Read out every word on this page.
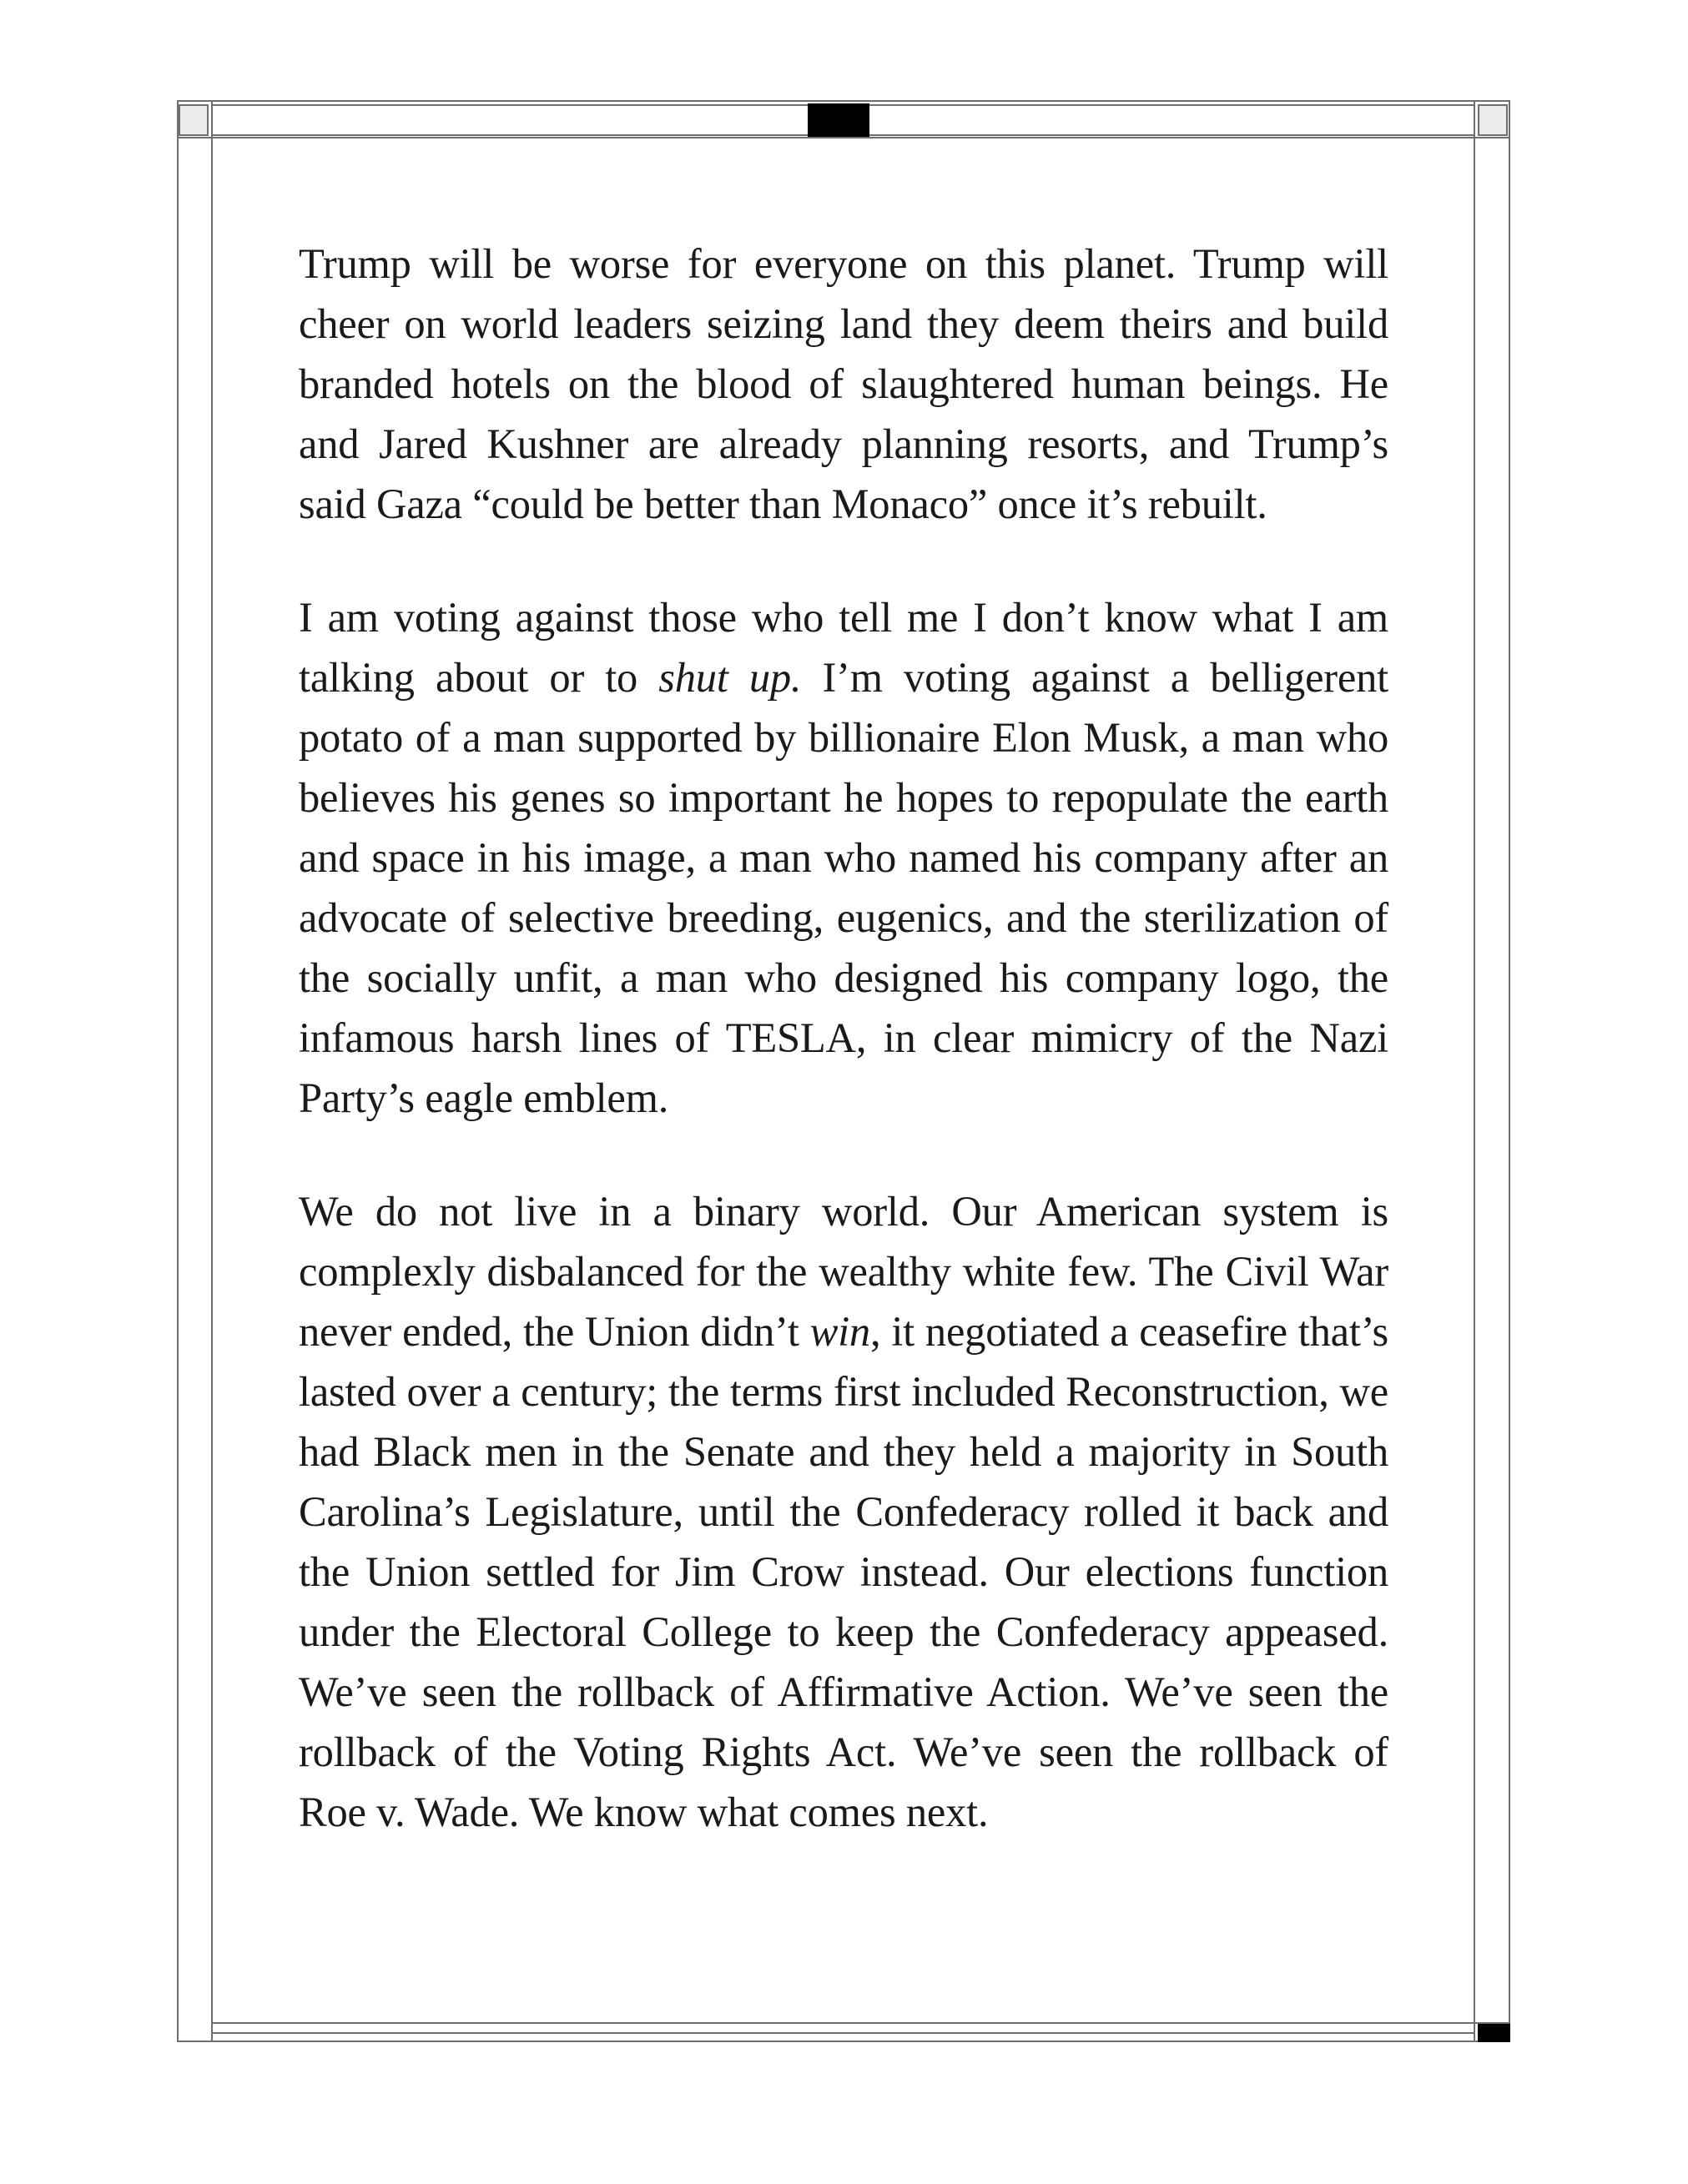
Trump will be worse for everyone on this planet. Trump will cheer on world leaders seizing land they deem theirs and build branded hotels on the blood of slaughtered human beings. He and Jared Kushner are already planning resorts, and Trump’s said Gaza “could be better than Monaco” once it’s rebuilt.

I am voting against those who tell me I don’t know what I am talking about or to shut up. I’m voting against a belligerent potato of a man supported by billionaire Elon Musk, a man who believes his genes so important he hopes to repopulate the earth and space in his image, a man who named his company after an advocate of selective breeding, eugenics, and the sterilization of the socially unfit, a man who designed his company logo, the infamous harsh lines of TESLA, in clear mimicry of the Nazi Party’s eagle emblem.

We do not live in a binary world. Our American system is complexly disbalanced for the wealthy white few. The Civil War never ended, the Union didn’t win, it negotiated a ceasefire that’s lasted over a century; the terms first included Reconstruction, we had Black men in the Senate and they held a majority in South Carolina’s Legislature, until the Confederacy rolled it back and the Union settled for Jim Crow instead. Our elections function under the Electoral College to keep the Confederacy appeased. We’ve seen the rollback of Affirmative Action. We’ve seen the rollback of the Voting Rights Act. We’ve seen the rollback of Roe v. Wade. We know what comes next.
